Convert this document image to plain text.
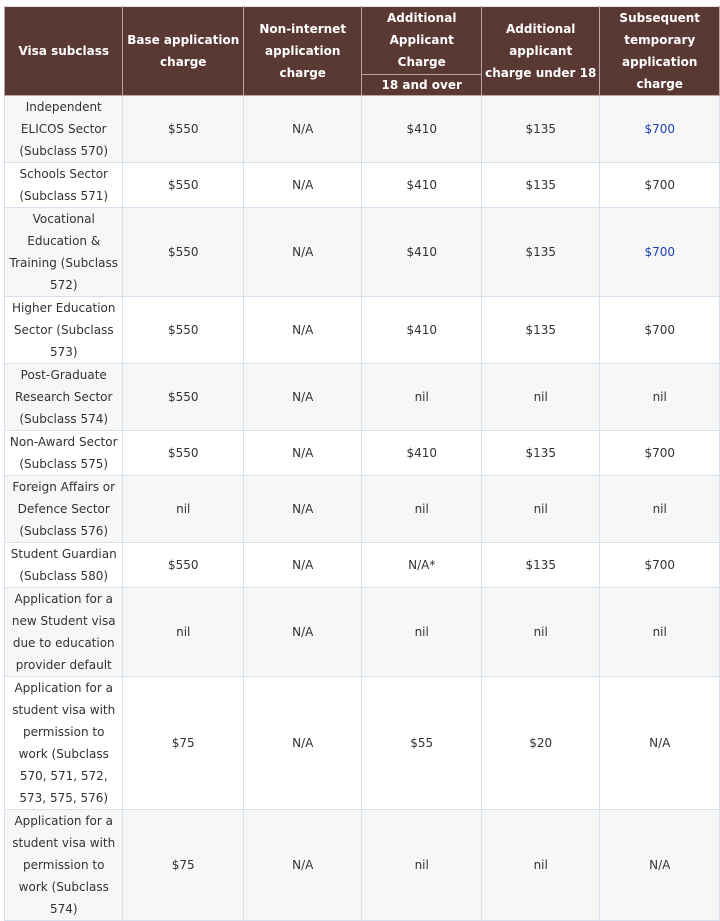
Visa subclass	Base application charge	Non-internet application charge	Additional Applicant Charge	Additional applicant charge under 18	Subsequent temporary application charge
			18 and over		
Independent ELICOS Sector (Subclass 570)	$550	N/A	$410	$135	$700
Schools Sector (Subclass 571)	$550	N/A	$410	$135	$700
Vocational Education & Training (Subclass 572)	$550	N/A	$410	$135	$700
Higher Education Sector (Subclass 573)	$550	N/A	$410	$135	$700
Post-Graduate Research Sector (Subclass 574)	$550	N/A	nil	nil	nil
Non-Award Sector (Subclass 575)	$550	N/A	$410	$135	$700
Foreign Affairs or Defence Sector (Subclass 576)	nil	N/A	nil	nil	nil
Student Guardian (Subclass 580)	$550	N/A	N/A*	$135	$700
Application for a new Student visa due to education provider default	nil	N/A	nil	nil	nil
Application for a student visa with permission to work (Subclass 570, 571, 572, 573, 575, 576)	$75	N/A	$55	$20	N/A
Application for a student visa with permission to work (Subclass 574)	$75	N/A	nil	nil	N/A
